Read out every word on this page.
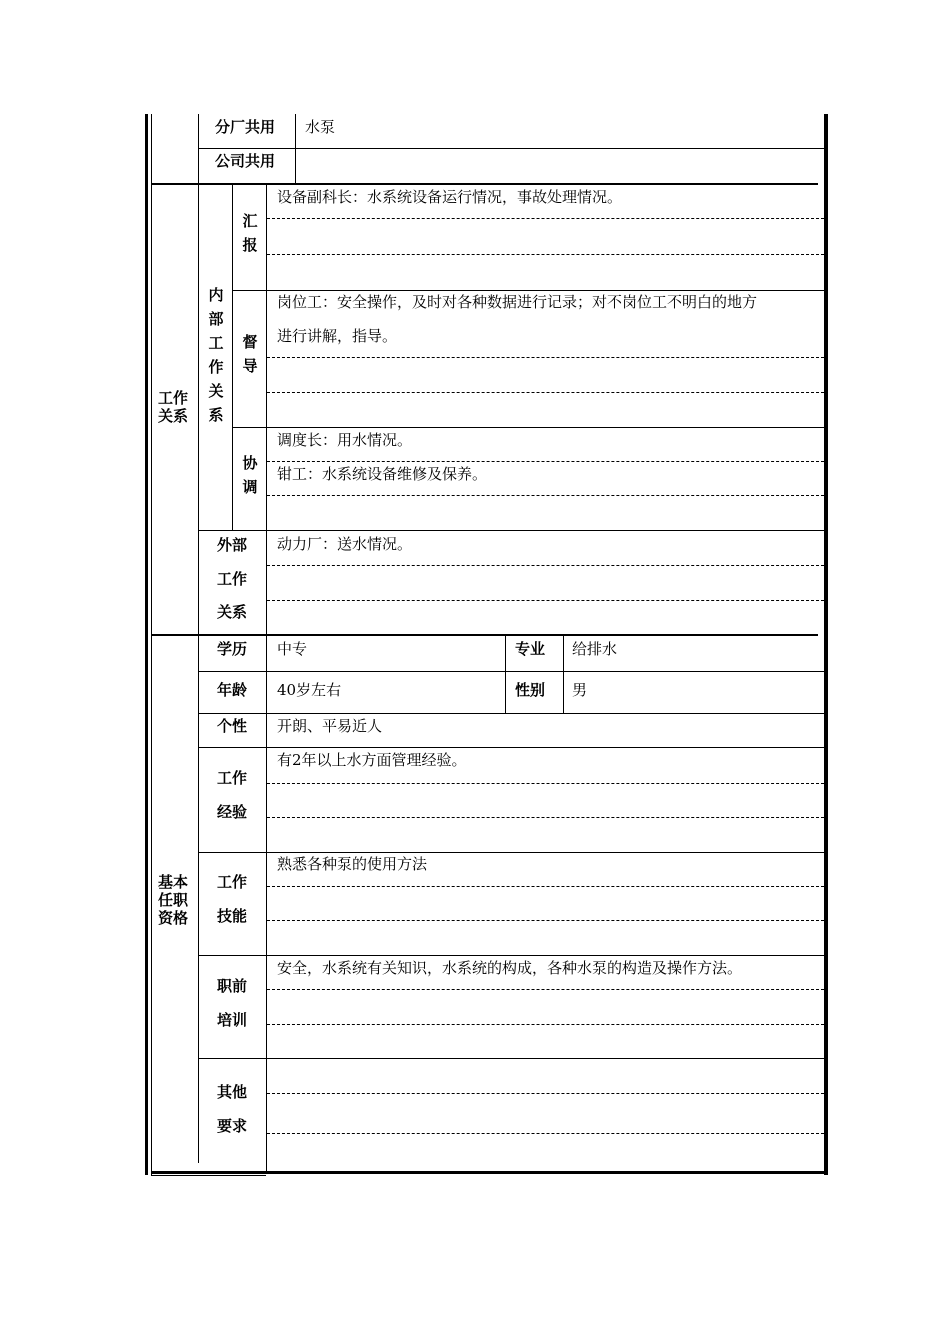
分厂共用 水泵
公司共用
工作关系
内部工作关系
汇报
设备副科长：水系统设备运行情况，事故处理情况。
督导
岗位工：安全操作，及时对各种数据进行记录；对不岗位工不明白的地方
进行讲解，指导。
协调
调度长：用水情况。
钳工：水系统设备维修及保养。
外部
工作
关系
动力厂：送水情况。
基本任职资格
学历 中专	专业 给排水
年龄 40岁左右	性别 男
个性 开朗、平易近人
工作
经验
有2年以上水方面管理经验。
工作
技能
熟悉各种泵的使用方法
职前
培训
安全，水系统有关知识，水系统的构成，各种水泵的构造及操作方法。
其他
要求
